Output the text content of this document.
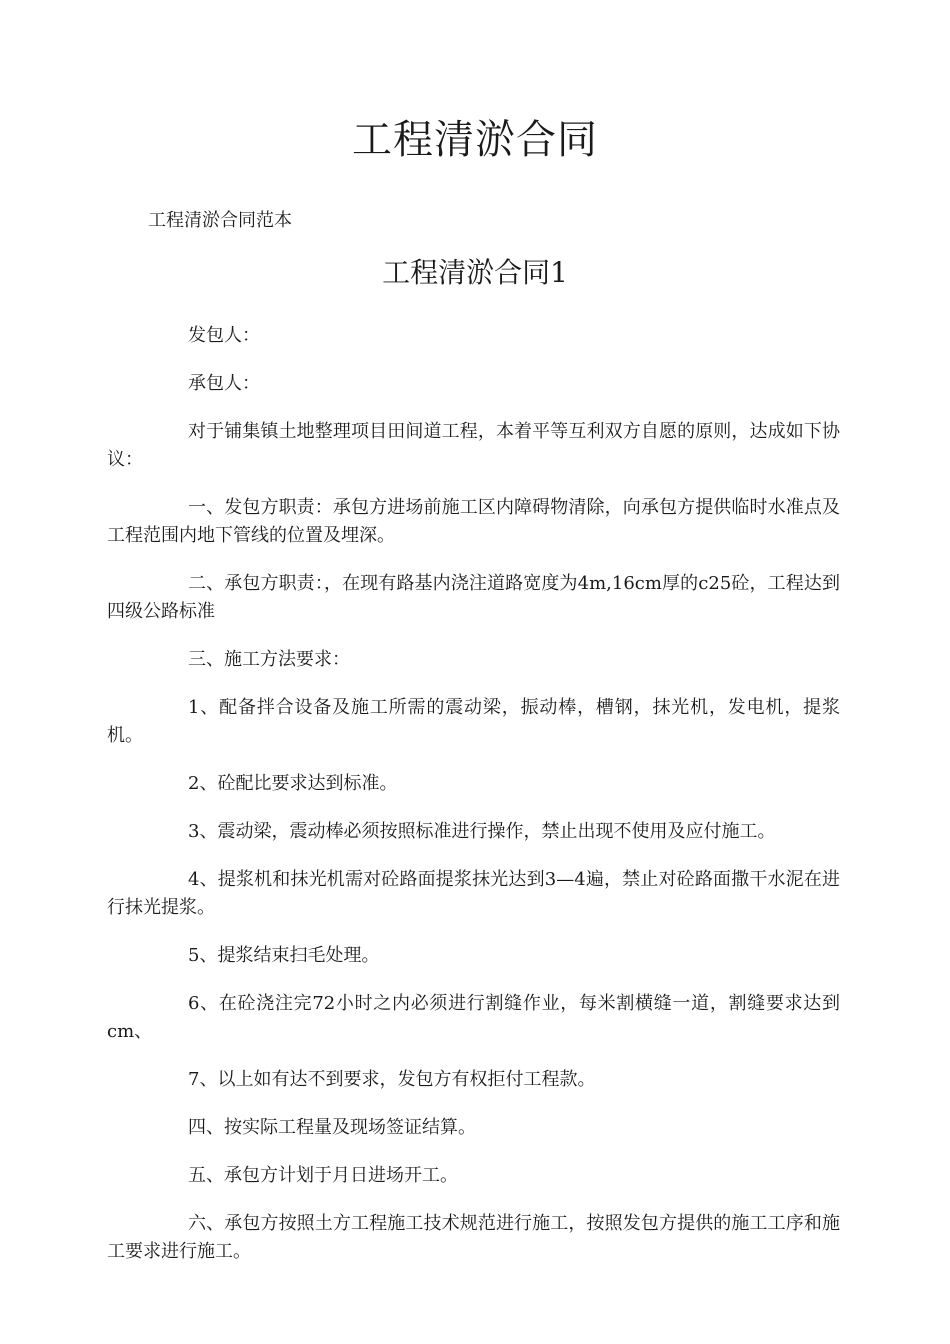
工程清淤合同
工程清淤合同范本
工程清淤合同1

发包人：

承包人：

对于铺集镇土地整理项目田间道工程，本着平等互利双方自愿的原则，达成如下协议：

一、发包方职责：承包方进场前施工区内障碍物清除，向承包方提供临时水准点及工程范围内地下管线的位置及埋深。

二、承包方职责：，在现有路基内浇注道路宽度为4m,16cm厚的c25砼，工程达到四级公路标准

三、施工方法要求：

1、配备拌合设备及施工所需的震动梁，振动棒，槽钢，抹光机，发电机，提浆机。

2、砼配比要求达到标准。

3、震动梁，震动棒必须按照标准进行操作，禁止出现不使用及应付施工。

4、提浆机和抹光机需对砼路面提浆抹光达到3—4遍，禁止对砼路面撒干水泥在进行抹光提浆。

5、提浆结束扫毛处理。

6、在砼浇注完72小时之内必须进行割缝作业，每米割横缝一道，割缝要求达到cm、

7、以上如有达不到要求，发包方有权拒付工程款。

四、按实际工程量及现场签证结算。

五、承包方计划于月日进场开工。

六、承包方按照土方工程施工技术规范进行施工，按照发包方提供的施工工序和施工要求进行施工。
